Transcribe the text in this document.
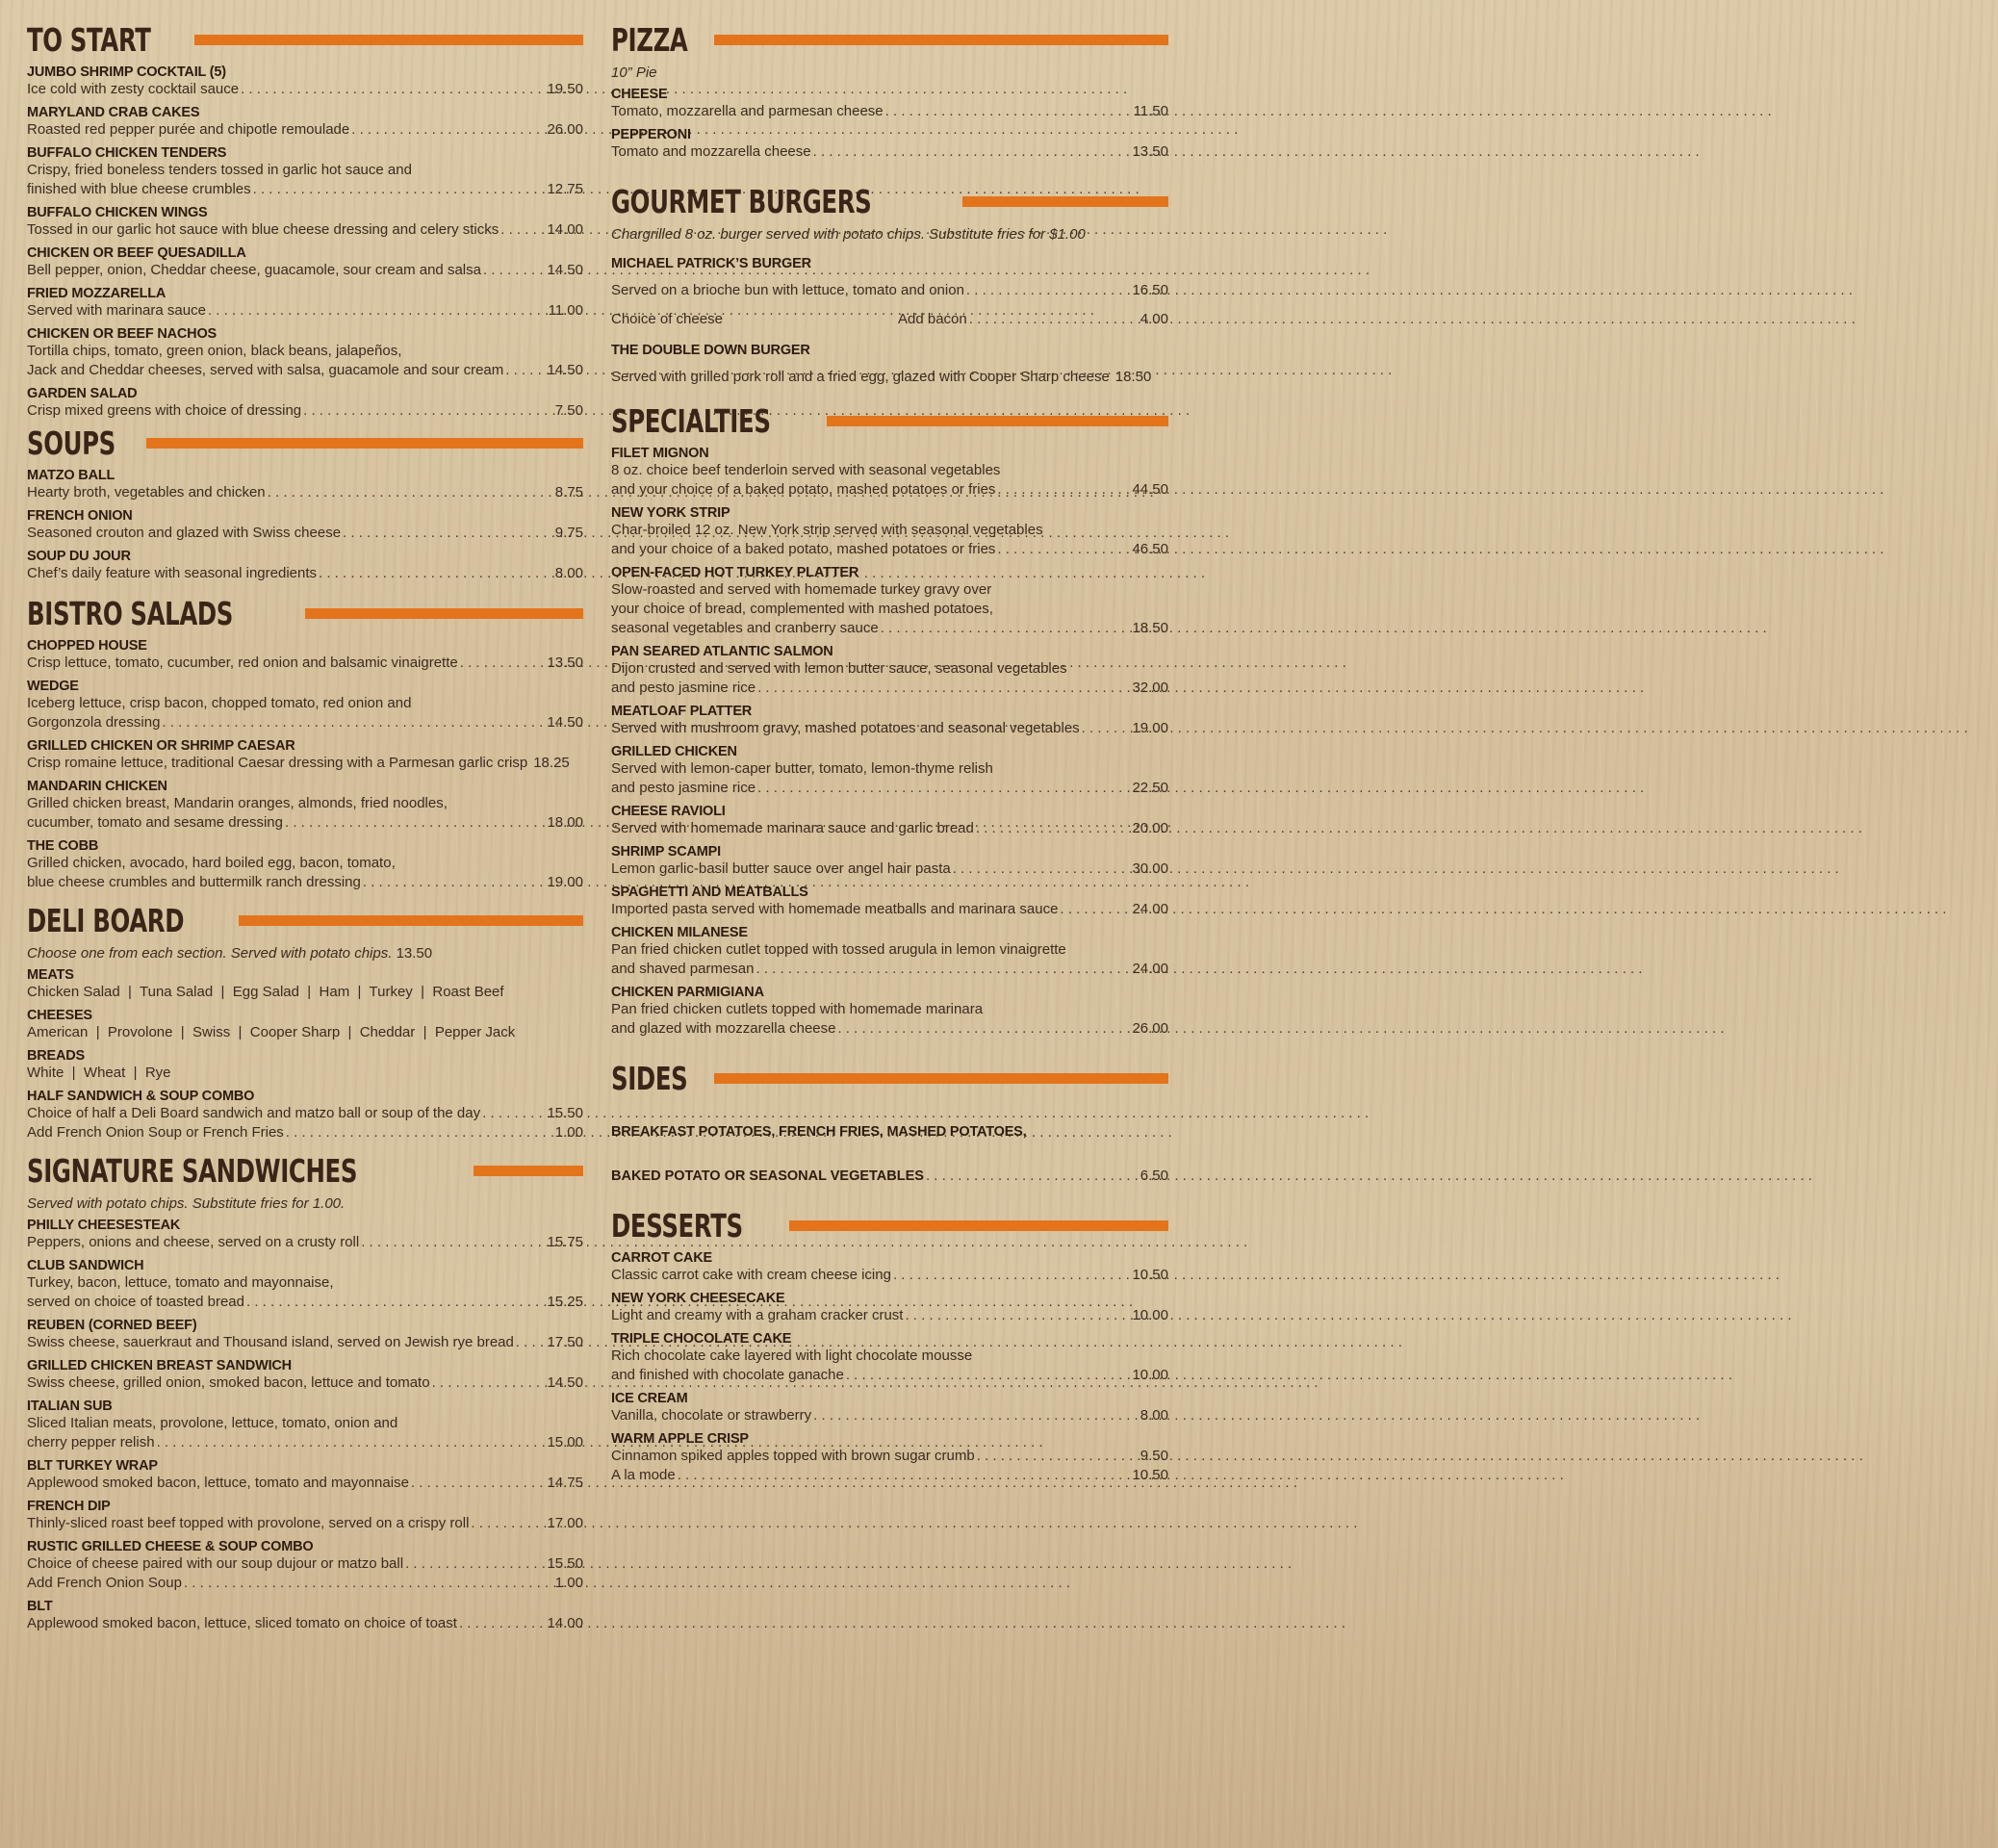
TO START
JUMBO SHRIMP COCKTAIL (5)
Ice cold with zesty cocktail sauce . . .	19.50
MARYLAND CRAB CAKES
Roasted red pepper purée and chipotle remoulade . . .	26.00
BUFFALO CHICKEN TENDERS
Crispy, fried boneless tenders tossed in garlic hot sauce and
finished with blue cheese crumbles . . .	12.75
BUFFALO CHICKEN WINGS
Tossed in our garlic hot sauce with blue cheese dressing and celery sticks . . .	14.00
CHICKEN OR BEEF QUESADILLA
Bell pepper, onion, Cheddar cheese, guacamole, sour cream and salsa . . .	14.50
FRIED MOZZARELLA
Served with marinara sauce . . .	11.00
CHICKEN OR BEEF NACHOS
Tortilla chips, tomato, green onion, black beans, jalapeños,
Jack and Cheddar cheeses, served with salsa, guacamole and sour cream . . .	14.50
GARDEN SALAD
Crisp mixed greens with choice of dressing . . .	7.50
SOUPS
MATZO BALL
Hearty broth, vegetables and chicken . . .	8.75
FRENCH ONION
Seasoned crouton and glazed with Swiss cheese . . .	9.75
SOUP DU JOUR
Chef’s daily feature with seasonal ingredients . . .	8.00
BISTRO SALADS
CHOPPED HOUSE
Crisp lettuce, tomato, cucumber, red onion and balsamic vinaigrette . . .	13.50
WEDGE
Iceberg lettuce, crisp bacon, chopped tomato, red onion and
Gorgonzola dressing . . .	14.50
GRILLED CHICKEN OR SHRIMP CAESAR
Crisp romaine lettuce, traditional Caesar dressing with a Parmesan garlic crisp 18.25
MANDARIN CHICKEN
Grilled chicken breast, Mandarin oranges, almonds, fried noodles,
cucumber, tomato and sesame dressing . . .	18.00
THE COBB
Grilled chicken, avocado, hard boiled egg, bacon, tomato,
blue cheese crumbles and buttermilk ranch dressing . . .	19.00
DELI BOARD
Choose one from each section. Served with potato chips. 13.50
MEATS
Chicken Salad  |  Tuna Salad  |  Egg Salad  |  Ham  |  Turkey  |  Roast Beef
CHEESES
American  |  Provolone  |  Swiss  |  Cooper Sharp  |  Cheddar  |  Pepper Jack
BREADS
White  |  Wheat  |  Rye
HALF SANDWICH & SOUP COMBO
Choice of half a Deli Board sandwich and matzo ball or soup of the day . . .	15.50
Add French Onion Soup or French Fries . . .	1.00
SIGNATURE SANDWICHES
Served with potato chips. Substitute fries for 1.00.
PHILLY CHEESESTEAK
Peppers, onions and cheese, served on a crusty roll . . .	15.75
CLUB SANDWICH
Turkey, bacon, lettuce, tomato and mayonnaise,
served on choice of toasted bread . . .	15.25
REUBEN (CORNED BEEF)
Swiss cheese, sauerkraut and Thousand island, served on Jewish rye bread . . . 17.50
GRILLED CHICKEN BREAST SANDWICH
Swiss cheese, grilled onion, smoked bacon, lettuce and tomato . . .	14.50
ITALIAN SUB
Sliced Italian meats, provolone, lettuce, tomato, onion and
cherry pepper relish . . .	15.00
BLT TURKEY WRAP
Applewood smoked bacon, lettuce, tomato and mayonnaise . . .	14.75
FRENCH DIP
Thinly-sliced roast beef topped with provolone, served on a crispy roll . . .	17.00
RUSTIC GRILLED CHEESE & SOUP COMBO
Choice of cheese paired with our soup dujour or matzo ball . . .	15.50
Add French Onion Soup . . .	1.00
BLT
Applewood smoked bacon, lettuce, sliced tomato on choice of toast . . .	14.00
PIZZA
10” Pie
CHEESE
Tomato, mozzarella and parmesan cheese . . .	11.50
PEPPERONI
Tomato and mozzarella cheese . . .	13.50
GOURMET BURGERS
Chargrilled 8 oz. burger served with potato chips. Substitute fries for $1.00
MICHAEL PATRICK’S BURGER
Served on a brioche bun with lettuce, tomato and onion . . .	16.50
Choice of cheese	Add bacon . . .	4.00
THE DOUBLE DOWN BURGER
Served with grilled pork roll and a fried egg, glazed with Cooper Sharp cheese 18.50
SPECIALTIES
FILET MIGNON
8 oz. choice beef tenderloin served with seasonal vegetables
and your choice of a baked potato, mashed potatoes or fries . . .	44.50
NEW YORK STRIP
Char-broiled 12 oz. New York strip served with seasonal vegetables
and your choice of a baked potato, mashed potatoes or fries . . .	46.50
OPEN-FACED HOT TURKEY PLATTER
Slow-roasted and served with homemade turkey gravy over
your choice of bread, complemented with mashed potatoes,
seasonal vegetables and cranberry sauce . . .	18.50
PAN SEARED ATLANTIC SALMON
Dijon crusted and served with lemon butter sauce, seasonal vegetables
and pesto jasmine rice . . .	32.00
MEATLOAF PLATTER
Served with mushroom gravy, mashed potatoes and seasonal vegetables . . .	19.00
GRILLED CHICKEN
Served with lemon-caper butter, tomato, lemon-thyme relish
and pesto jasmine rice . . .	22.50
CHEESE RAVIOLI
Served with homemade marinara sauce and garlic bread . . .	20.00
SHRIMP SCAMPI
Lemon garlic-basil butter sauce over angel hair pasta . . .	30.00
SPAGHETTI AND MEATBALLS
Imported pasta served with homemade meatballs and marinara sauce . . .	24.00
CHICKEN MILANESE
Pan fried chicken cutlet topped with tossed arugula in lemon vinaigrette
and shaved parmesan . . .	24.00
CHICKEN PARMIGIANA
Pan fried chicken cutlets topped with homemade marinara
and glazed with mozzarella cheese . . .	26.00
SIDES
BREAKFAST POTATOES, FRENCH FRIES, MASHED POTATOES,
BAKED POTATO OR SEASONAL VEGETABLES . . .	6.50
DESSERTS
CARROT CAKE
Classic carrot cake with cream cheese icing . . .	10.50
NEW YORK CHEESECAKE
Light and creamy with a graham cracker crust . . .	10.00
TRIPLE CHOCOLATE CAKE
Rich chocolate cake layered with light chocolate mousse
and finished with chocolate ganache . . .	10.00
ICE CREAM
Vanilla, chocolate or strawberry . . .	8.00
WARM APPLE CRISP
Cinnamon spiked apples topped with brown sugar crumb . . .	9.50
A la mode . . .	10.50
